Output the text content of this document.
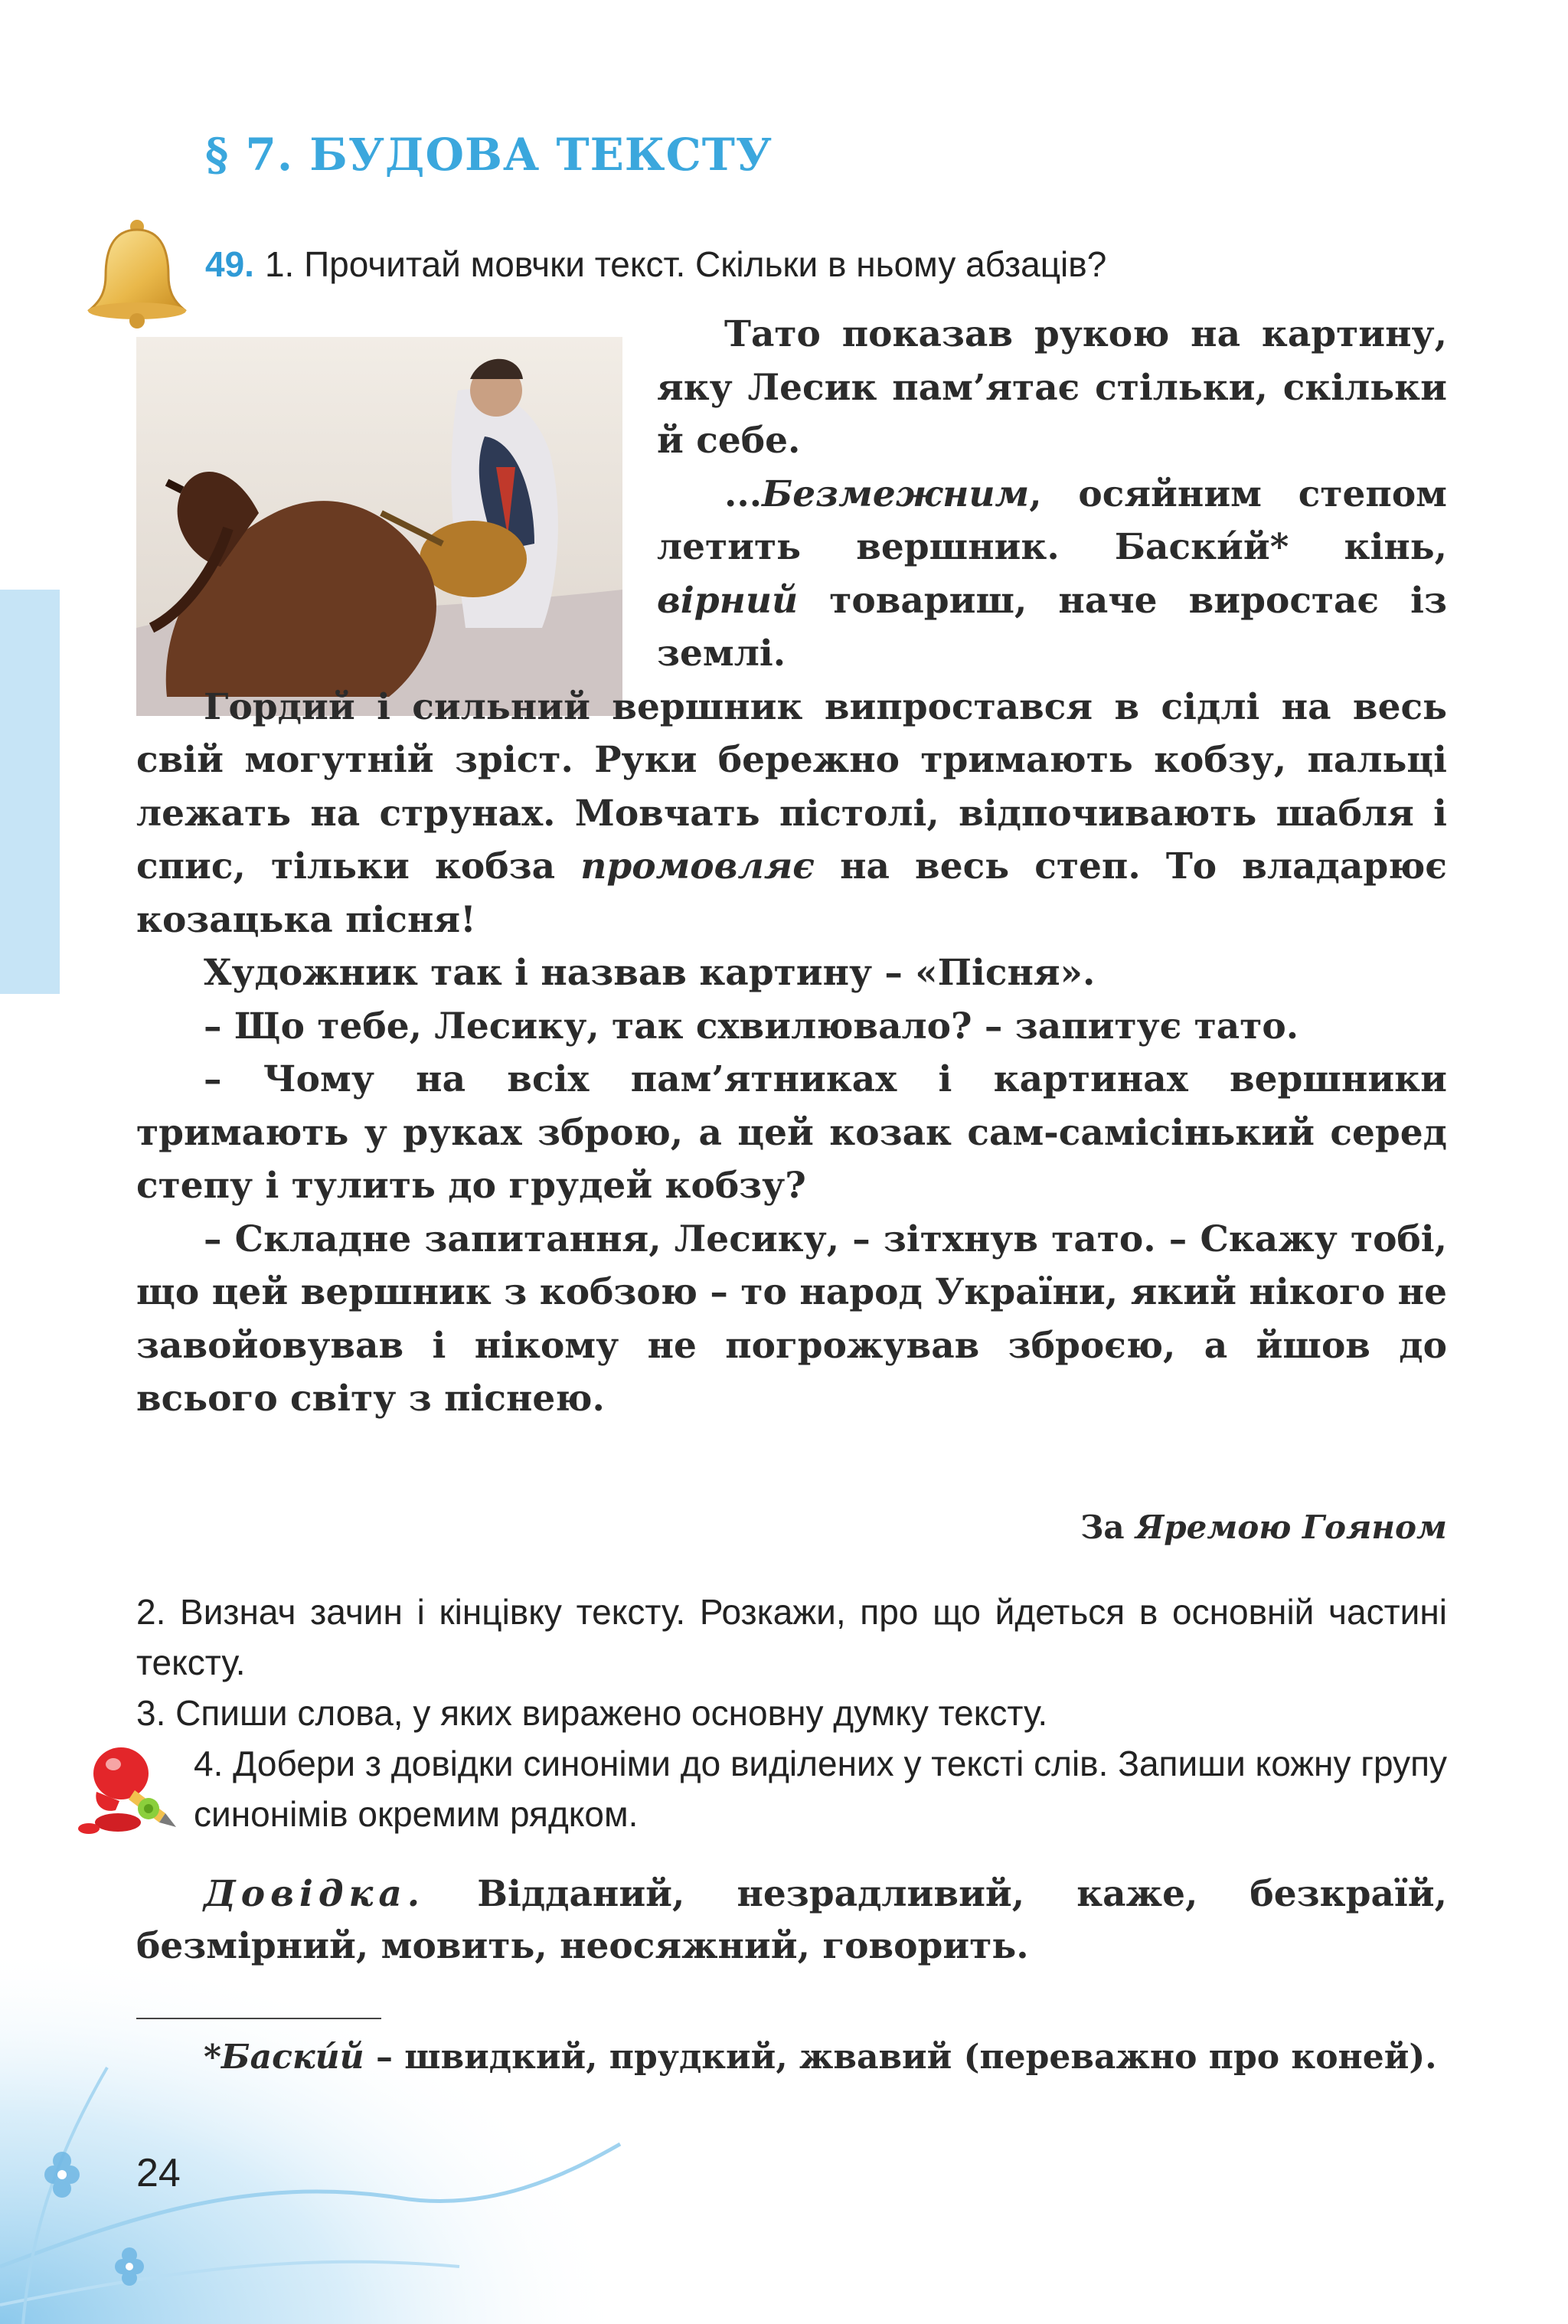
§ 7. БУДОВА ТЕКСТУ
49. 1. Прочитай мовчки текст. Скільки в ньому абзаців?

Тато показав рукою на картину, яку Лесик пам’ятає стільки, скільки й себе.

...Безмежним, осяйним степом летить вершник. Баски́й* кінь, вірний товариш, наче виростає із землі.

Гордий і сильний вершник випростався в сідлі на весь свій могутній зріст. Руки бережно тримають кобзу, пальці лежать на струнах. Мовчать пістолі, відпочивають шабля і спис, тільки кобза промовляє на весь степ. То владарює козацька пісня!

Художник так і назвав картину – «Пісня».

– Що тебе, Лесику, так схвилювало? – запитує тато.

– Чому на всіх пам’ятниках і картинах вершники тримають у руках зброю, а цей козак сам-самісінький серед степу і тулить до грудей кобзу?

– Складне запитання, Лесику, – зітхнув тато. – Скажу тобі, що цей вершник з кобзою – то народ України, який нікого не завойовував і нікому не погрожував зброєю, а йшов до всього світу з піснею.

За Яремою Гояном

2. Визнач зачин і кінцівку тексту. Розкажи, про що йдеться в основній частині тексту.

3. Спиши слова, у яких виражено основну думку тексту.

4. Добери з довідки синоніми до виділених у тексті слів. Запиши кожну групу синонімів окремим рядком.

Довідка. Відданий, незрадливий, каже, безкраїй, безмірний, мовить, неосяжний, говорить.

*Баски́й – швидкий, прудкий, жвавий (переважно про коней).

24
